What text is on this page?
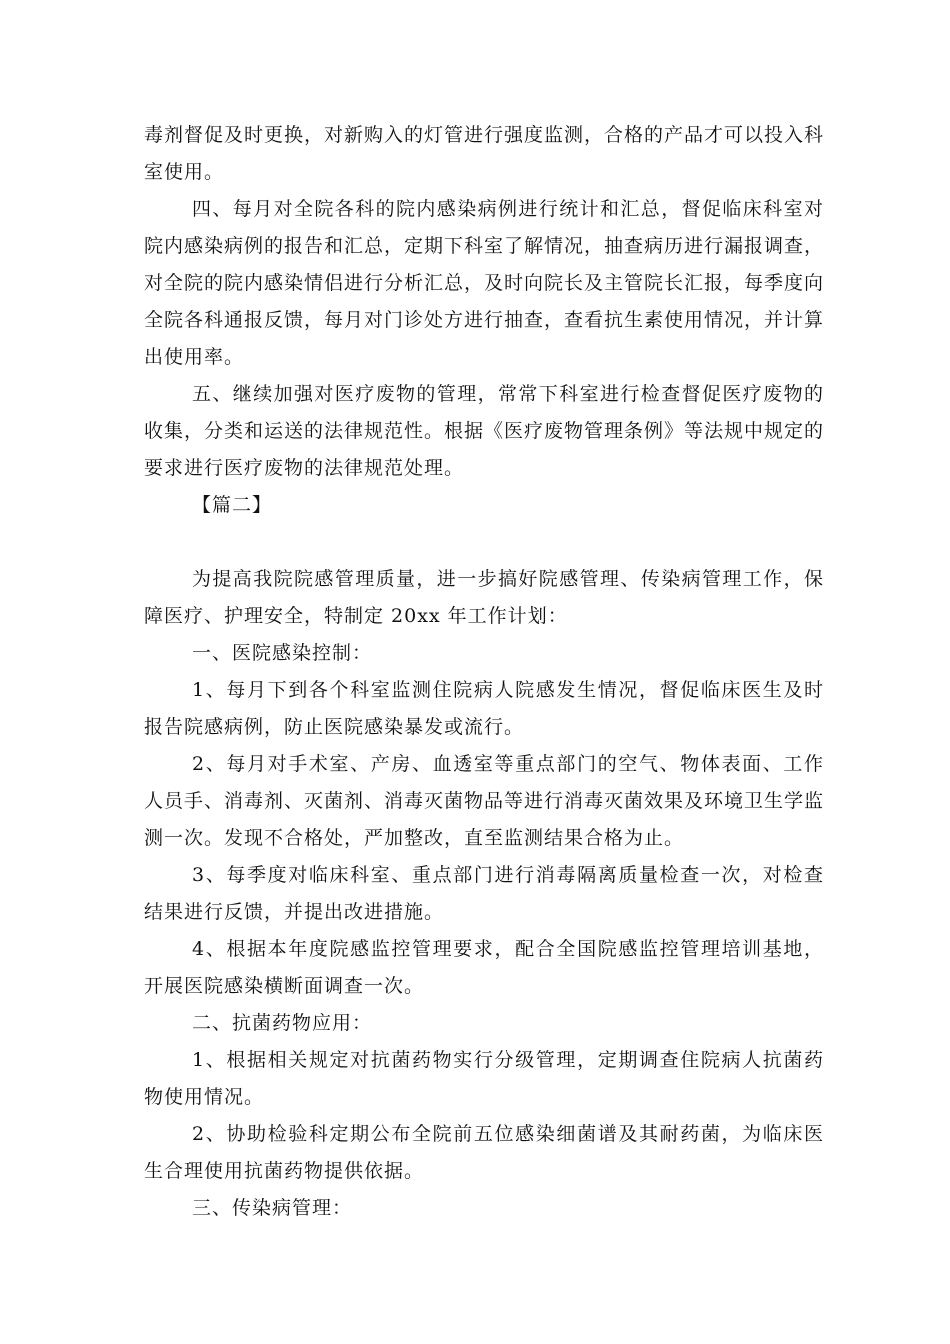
毒剂督促及时更换，对新购入的灯管进行强度监测，合格的产品才可以投入科室使用。

四、每月对全院各科的院内感染病例进行统计和汇总，督促临床科室对院内感染病例的报告和汇总，定期下科室了解情况，抽查病历进行漏报调查，对全院的院内感染情侣进行分析汇总，及时向院长及主管院长汇报，每季度向全院各科通报反馈，每月对门诊处方进行抽查，查看抗生素使用情况，并计算出使用率。

五、继续加强对医疗废物的管理，常常下科室进行检查督促医疗废物的收集，分类和运送的法律规范性。根据《医疗废物管理条例》等法规中规定的要求进行医疗废物的法律规范处理。

【篇二】

为提高我院院感管理质量，进一步搞好院感管理、传染病管理工作，保障医疗、护理安全，特制定 20xx 年工作计划：

一、医院感染控制：

1、每月下到各个科室监测住院病人院感发生情况，督促临床医生及时报告院感病例，防止医院感染暴发或流行。

2、每月对手术室、产房、血透室等重点部门的空气、物体表面、工作人员手、消毒剂、灭菌剂、消毒灭菌物品等进行消毒灭菌效果及环境卫生学监测一次。发现不合格处，严加整改，直至监测结果合格为止。

3、每季度对临床科室、重点部门进行消毒隔离质量检查一次，对检查结果进行反馈，并提出改进措施。

4、根据本年度院感监控管理要求，配合全国院感监控管理培训基地，开展医院感染横断面调查一次。

二、抗菌药物应用：

1、根据相关规定对抗菌药物实行分级管理，定期调查住院病人抗菌药物使用情况。

2、协助检验科定期公布全院前五位感染细菌谱及其耐药菌，为临床医生合理使用抗菌药物提供依据。

三、传染病管理：
